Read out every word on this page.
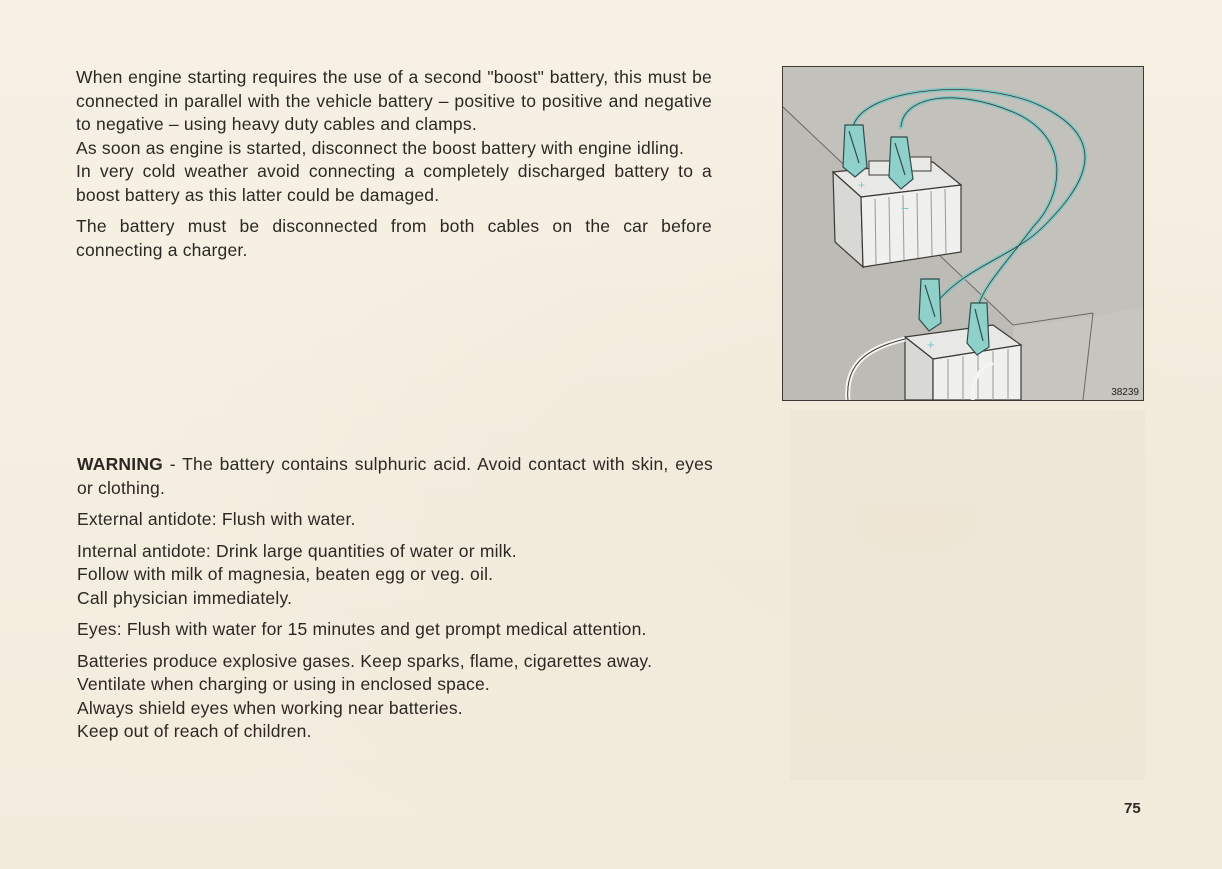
When engine starting requires the use of a second "boost" battery, this must be connected in parallel with the vehicle battery – positive to positive and negative to negative – using heavy duty cables and clamps.

As soon as engine is started, disconnect the boost battery with engine idling.

In very cold weather avoid connecting a completely discharged battery to a boost battery as this latter could be damaged.

The battery must be disconnected from both cables on the car before connecting a charger.

+
−
+
−
38239

WARNING - The battery contains sulphuric acid. Avoid contact with skin, eyes or clothing.

External antidote: Flush with water.

Internal antidote: Drink large quantities of water or milk.

Follow with milk of magnesia, beaten egg or veg. oil.

Call physician immediately.

Eyes: Flush with water for 15 minutes and get prompt medical attention.

Batteries produce explosive gases. Keep sparks, flame, cigarettes away.

Ventilate when charging or using in enclosed space.

Always shield eyes when working near batteries.

Keep out of reach of children.

75
